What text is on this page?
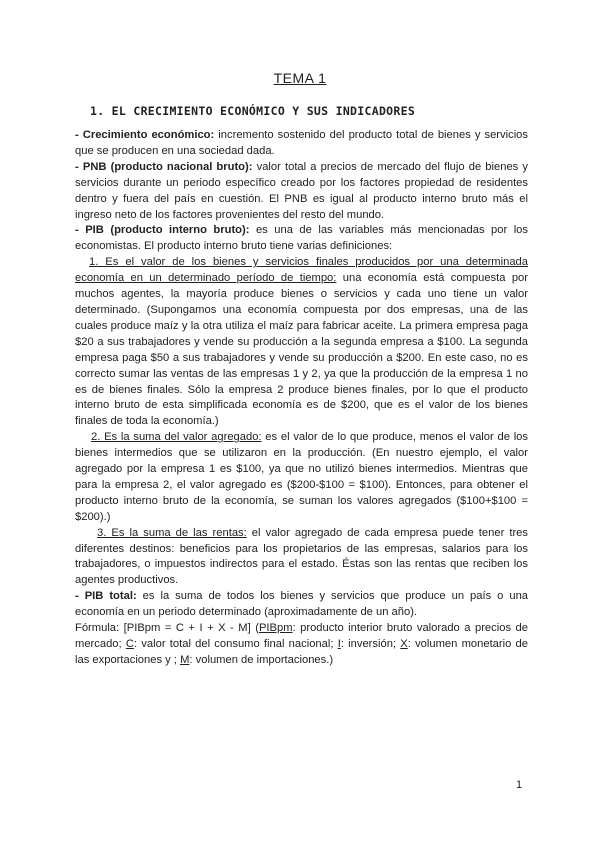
TEMA 1
1. EL CRECIMIENTO ECONÓMICO Y SUS INDICADORES

- Crecimiento económico: incremento sostenido del producto total de bienes y servicios que se producen en una sociedad dada.

- PNB (producto nacional bruto): valor total a precios de mercado del flujo de bienes y servicios durante un periodo específico creado por los factores propiedad de residentes dentro y fuera del país en cuestión. El PNB es igual al producto interno bruto más el ingreso neto de los factores provenientes del resto del mundo.

- PIB (producto interno bruto): es una de las variables más mencionadas por los economistas. El producto interno bruto tiene varias definiciones:

1. Es el valor de los bienes y servicios finales producidos por una determinada economía en un determinado período de tiempo: una economía está compuesta por muchos agentes, la mayoría produce bienes o servicios y cada uno tiene un valor determinado. (Supongamos una economía compuesta por dos empresas, una de las cuales produce maíz y la otra utiliza el maíz para fabricar aceite. La primera empresa paga $20 a sus trabajadores y vende su producción a la segunda empresa a $100. La segunda empresa paga $50 a sus trabajadores y vende su producción a $200. En este caso, no es correcto sumar las ventas de las empresas 1 y 2, ya que la producción de la empresa 1 no es de bienes finales. Sólo la empresa 2 produce bienes finales, por lo que el producto interno bruto de esta simplificada economía es de $200, que es el valor de los bienes finales de toda la economía.)

2. Es la suma del valor agregado: es el valor de lo que produce, menos el valor de los bienes intermedios que se utilizaron en la producción. (En nuestro ejemplo, el valor agregado por la empresa 1 es $100, ya que no utilizó bienes intermedios. Mientras que para la empresa 2, el valor agregado es ($200-$100 = $100). Entonces, para obtener el producto interno bruto de la economía, se suman los valores agregados ($100+$100 = $200).)

3. Es la suma de las rentas: el valor agregado de cada empresa puede tener tres diferentes destinos: beneficios para los propietarios de las empresas, salarios para los trabajadores, o impuestos indirectos para el estado. Éstas son las rentas que reciben los agentes productivos.

- PIB total: es la suma de todos los bienes y servicios que produce un país o una economía en un periodo determinado (aproximadamente de un año).

Fórmula: [PIBpm = C + I + X - M] (PIBpm: producto interior bruto valorado a precios de mercado; C: valor total del consumo final nacional; I: inversión; X: volumen monetario de las exportaciones y ; M: volumen de importaciones.)

1
